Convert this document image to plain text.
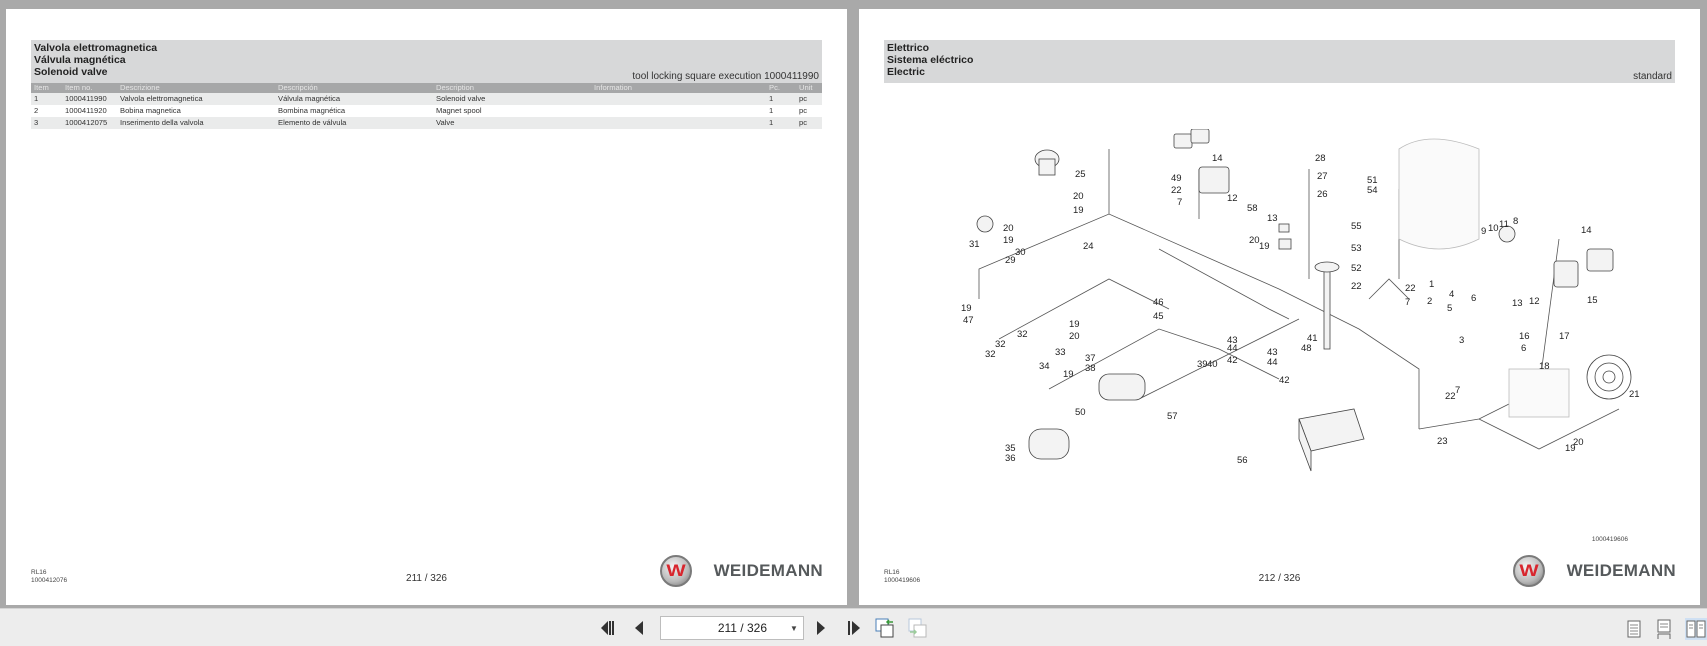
Valvola elettromagnetica
Válvula magnética
Solenoid valve	tool locking square execution 1000411990
Item	Item no.	Descrizione	Descripción	Description	Information	Pc.	Unit
1	1000411990	Valvola elettromagnetica	Válvula magnética	Solenoid valve		1	pc
2	1000411920	Bobina magnetica	Bombina magnética	Magnet spool		1	pc
3	1000412075	Inserimento della valvola	Elemento de válvula	Valve		1	pc
RL16
1000412076	211 / 326	W WEIDEMANN
Elettrico
Sistema eléctrico
Electric	standard
14
49
22
7	12
58
13
20
19
28
27
26
51
54
55
53
52
22	22
7
1
2
4
5
6
9 10 11 8
14
12
13	15
16
6
17
18
21
19
20
3
7
22
23
25
20
19
24
20
19
31
30
29
19
47
32
32
32
19
20
33
34
19
37
38
50
35
36
46
45
43
44
42
43
44
42
48
41
39 40
57
56
1000419606
RL16
1000419606	212 / 326	W WEIDEMANN
211 / 326	▼
